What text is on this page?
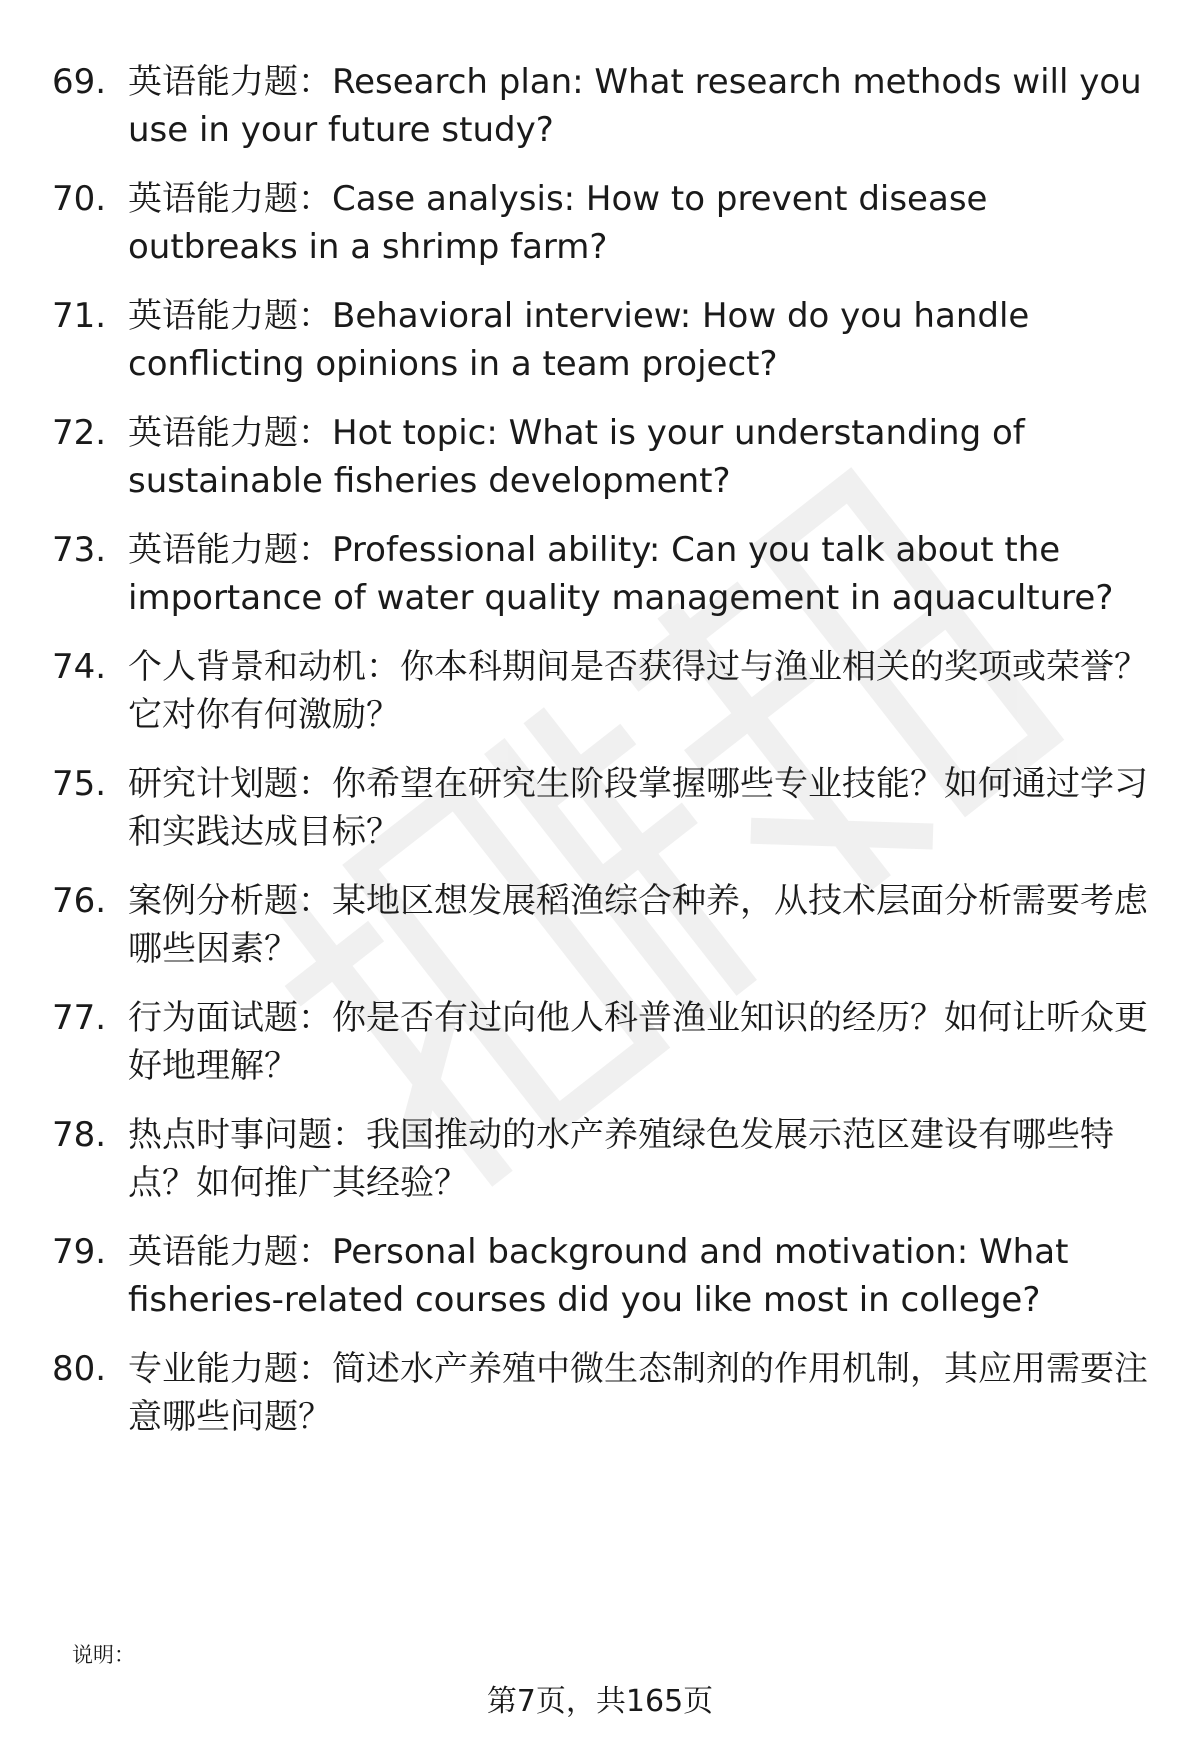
69. 英语能力题：Research plan: What research methods will you use in your future study?
70. 英语能力题：Case analysis: How to prevent disease outbreaks in a shrimp farm?
71. 英语能力题：Behavioral interview: How do you handle conflicting opinions in a team project?
72. 英语能力题：Hot topic: What is your understanding of sustainable fisheries development?
73. 英语能力题：Professional ability: Can you talk about the importance of water quality management in aquaculture?
74. 个人背景和动机：你本科期间是否获得过与渔业相关的奖项或荣誉？它对你有何激励？
75. 研究计划题：你希望在研究生阶段掌握哪些专业技能？如何通过学习和实践达成目标？
76. 案例分析题：某地区想发展稻渔综合种养，从技术层面分析需要考虑哪些因素？
77. 行为面试题：你是否有过向他人科普渔业知识的经历？如何让听众更好地理解？
78. 热点时事问题：我国推动的水产养殖绿色发展示范区建设有哪些特点？如何推广其经验？
79. 英语能力题：Personal background and motivation: What fisheries-related courses did you like most in college?
80. 专业能力题：简述水产养殖中微生态制剂的作用机制，其应用需要注意哪些问题？
说明：
第7页，共165页
